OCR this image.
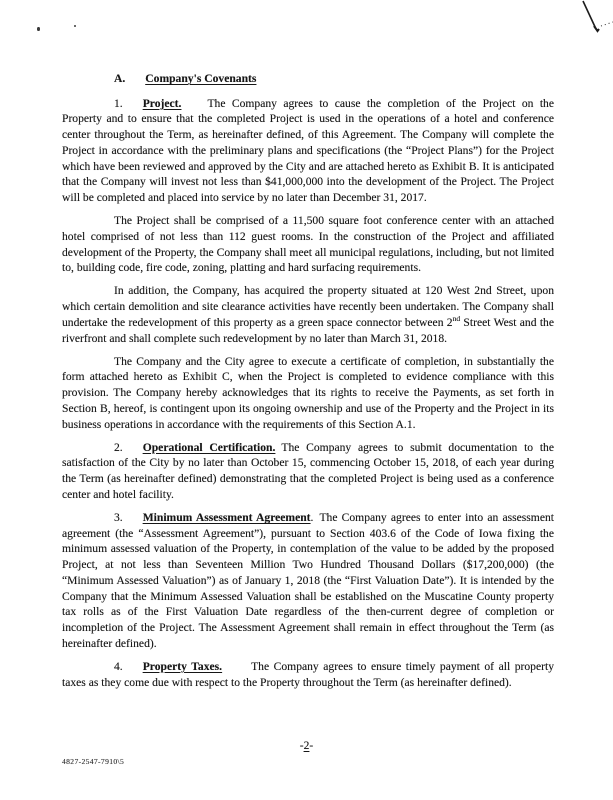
A. Company's Covenants

1. Project. The Company agrees to cause the completion of the Project on the Property and to ensure that the completed Project is used in the operations of a hotel and conference center throughout the Term, as hereinafter defined, of this Agreement. The Company will complete the Project in accordance with the preliminary plans and specifications (the “Project Plans”) for the Project which have been reviewed and approved by the City and are attached hereto as Exhibit B. It is anticipated that the Company will invest not less than $41,000,000 into the development of the Project. The Project will be completed and placed into service by no later than December 31, 2017.

The Project shall be comprised of a 11,500 square foot conference center with an attached hotel comprised of not less than 112 guest rooms. In the construction of the Project and affiliated development of the Property, the Company shall meet all municipal regulations, including, but not limited to, building code, fire code, zoning, platting and hard surfacing requirements.

In addition, the Company, has acquired the property situated at 120 West 2nd Street, upon which certain demolition and site clearance activities have recently been undertaken. The Company shall undertake the redevelopment of this property as a green space connector between 2nd Street West and the riverfront and shall complete such redevelopment by no later than March 31, 2018.

The Company and the City agree to execute a certificate of completion, in substantially the form attached hereto as Exhibit C, when the Project is completed to evidence compliance with this provision. The Company hereby acknowledges that its rights to receive the Payments, as set forth in Section B, hereof, is contingent upon its ongoing ownership and use of the Property and the Project in its business operations in accordance with the requirements of this Section A.1.

2. Operational Certification. The Company agrees to submit documentation to the satisfaction of the City by no later than October 15, commencing October 15, 2018, of each year during the Term (as hereinafter defined) demonstrating that the completed Project is being used as a conference center and hotel facility.

3. Minimum Assessment Agreement. The Company agrees to enter into an assessment agreement (the “Assessment Agreement”), pursuant to Section 403.6 of the Code of Iowa fixing the minimum assessed valuation of the Property, in contemplation of the value to be added by the proposed Project, at not less than Seventeen Million Two Hundred Thousand Dollars ($17,200,000) (the “Minimum Assessed Valuation”) as of January 1, 2018 (the “First Valuation Date”). It is intended by the Company that the Minimum Assessed Valuation shall be established on the Muscatine County property tax rolls as of the First Valuation Date regardless of the then-current degree of completion or incompletion of the Project. The Assessment Agreement shall remain in effect throughout the Term (as hereinafter defined).

4. Property Taxes.	The Company agrees to ensure timely payment of all property taxes as they come due with respect to the Property throughout the Term (as hereinafter defined).

-2-
4827-2547-7910\5
